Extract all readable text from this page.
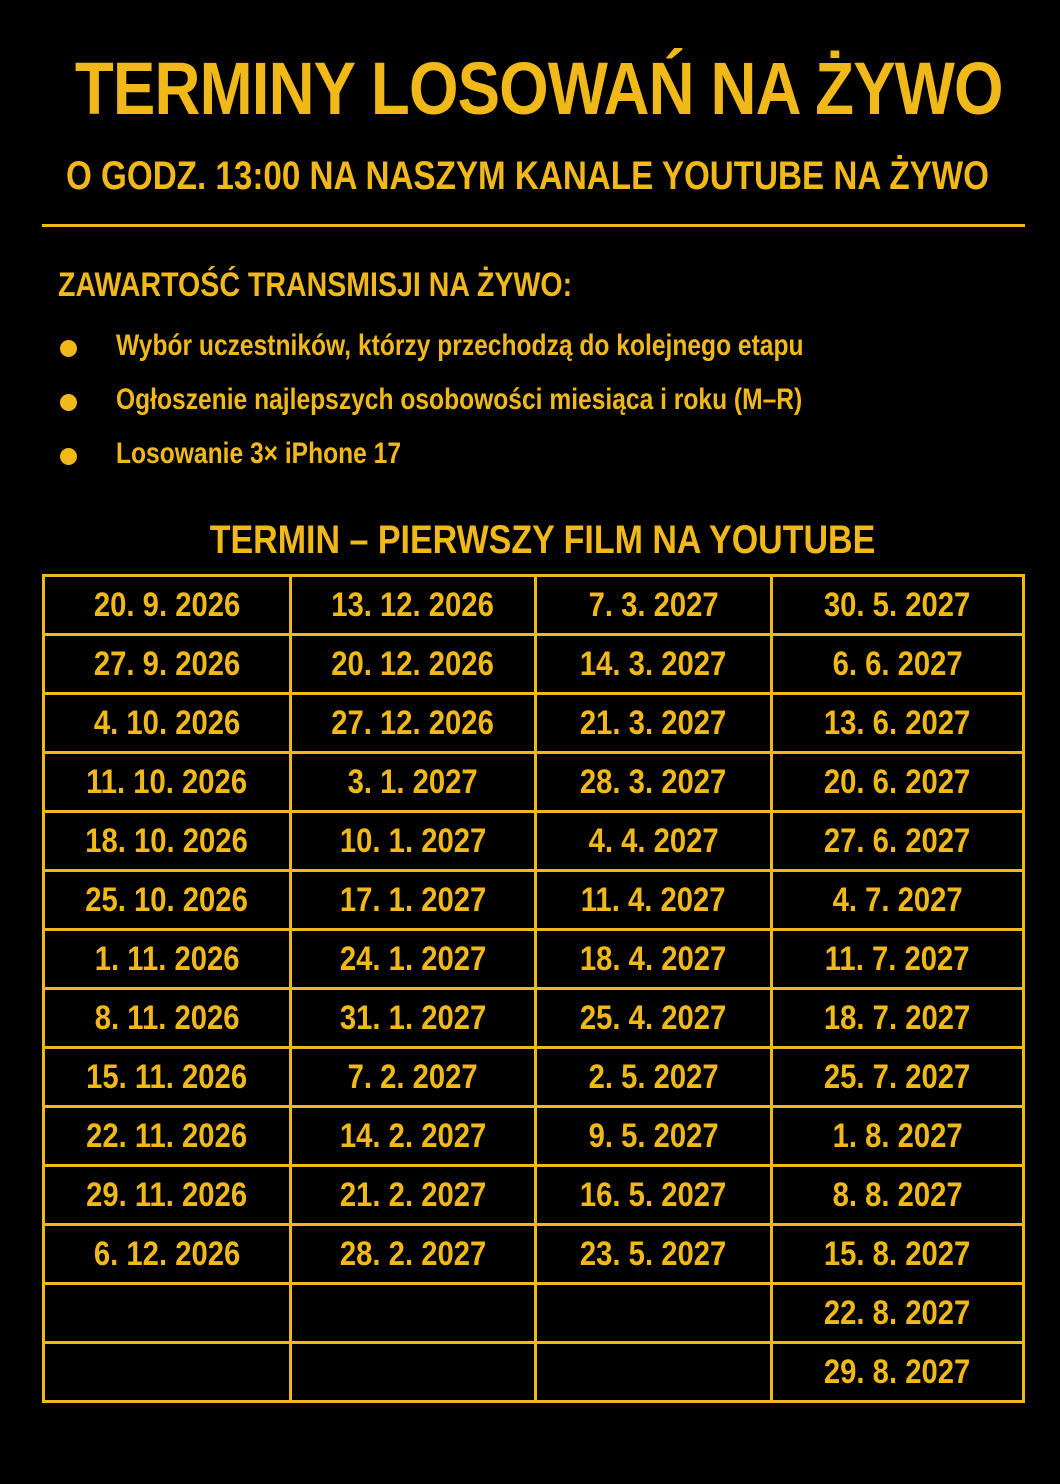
TERMINY LOSOWAŃ NA ŻYWO
O GODZ. 13:00 NA NASZYM KANALE YOUTUBE NA ŻYWO
ZAWARTOŚĆ TRANSMISJI NA ŻYWO:
Wybór uczestników, którzy przechodzą do kolejnego etapu
Ogłoszenie najlepszych osobowości miesiąca i roku (M–R)
Losowanie 3× iPhone 17
TERMIN – PIERWSZY FILM NA YOUTUBE
20. 9. 2026	13. 12. 2026	7. 3. 2027	30. 5. 2027
27. 9. 2026	20. 12. 2026	14. 3. 2027	6. 6. 2027
4. 10. 2026	27. 12. 2026	21. 3. 2027	13. 6. 2027
11. 10. 2026	3. 1. 2027	28. 3. 2027	20. 6. 2027
18. 10. 2026	10. 1. 2027	4. 4. 2027	27. 6. 2027
25. 10. 2026	17. 1. 2027	11. 4. 2027	4. 7. 2027
1. 11. 2026	24. 1. 2027	18. 4. 2027	11. 7. 2027
8. 11. 2026	31. 1. 2027	25. 4. 2027	18. 7. 2027
15. 11. 2026	7. 2. 2027	2. 5. 2027	25. 7. 2027
22. 11. 2026	14. 2. 2027	9. 5. 2027	1. 8. 2027
29. 11. 2026	21. 2. 2027	16. 5. 2027	8. 8. 2027
6. 12. 2026	28. 2. 2027	23. 5. 2027	15. 8. 2027
			22. 8. 2027
			29. 8. 2027
